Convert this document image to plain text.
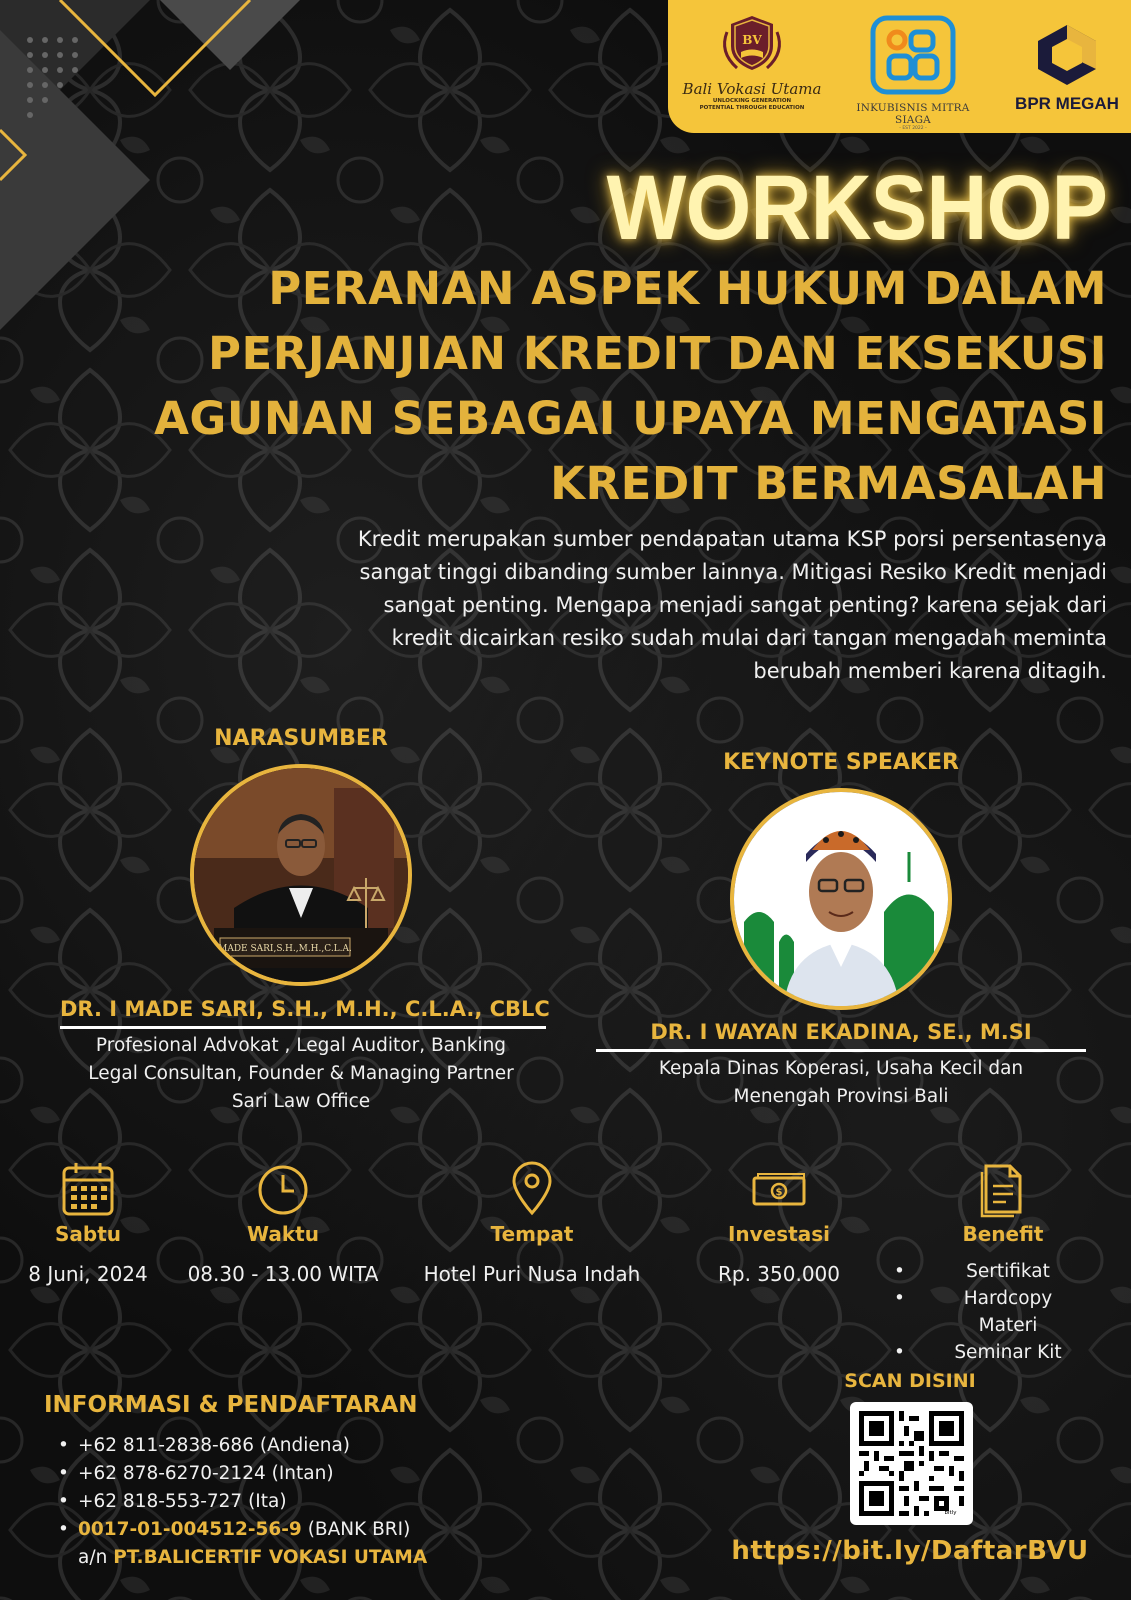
BV
Bali Vokasi Utama
UNLOCKING GENERATION
POTENTIAL THROUGH EDUCATION	INKUBISNIS MITRA SIAGA
- EST 2022 -
BPR MEGAH
WORKSHOP
PERANAN ASPEK HUKUM DALAM
PERJANJIAN KREDIT DAN EKSEKUSI
AGUNAN SEBAGAI UPAYA MENGATASI
KREDIT BERMASALAH
Kredit merupakan sumber pendapatan utama KSP porsi persentasenya
sangat tinggi dibanding sumber lainnya. Mitigasi Resiko Kredit menjadi
sangat penting. Mengapa menjadi sangat penting? karena sejak dari
kredit dicairkan resiko sudah mulai dari tangan mengadah meminta
berubah memberi karena ditagih.
NARASUMBER
MADE SARI,S.H.,M.H.,C.L.A.
DR. I MADE SARI, S.H., M.H., C.L.A., CBLC
Profesional Advokat , Legal Auditor, Banking
Legal Consultan, Founder & Managing Partner
Sari Law Office
KEYNOTE SPEAKER
DR. I WAYAN EKADINA, SE., M.SI
Kepala Dinas Koperasi, Usaha Kecil dan
Menengah Provinsi Bali
Sabtu
8 Juni, 2024
Waktu
08.30 - 13.00 WITA
Tempat
Hotel Puri Nusa Indah
$
Investasi
Rp. 350.000
Benefit
• Sertifikat
• Hardcopy Materi
• Seminar Kit
INFORMASI & PENDAFTARAN
• +62 811-2838-686 (Andiena)
• +62 878-6270-2124 (Intan)
• +62 818-553-727 (Ita)
• 0017-01-004512-56-9 (BANK BRI)
a/n PT.BALICERTIF VOKASI UTAMA
SCAN DISINI
bitly
https://bit.ly/DaftarBVU
